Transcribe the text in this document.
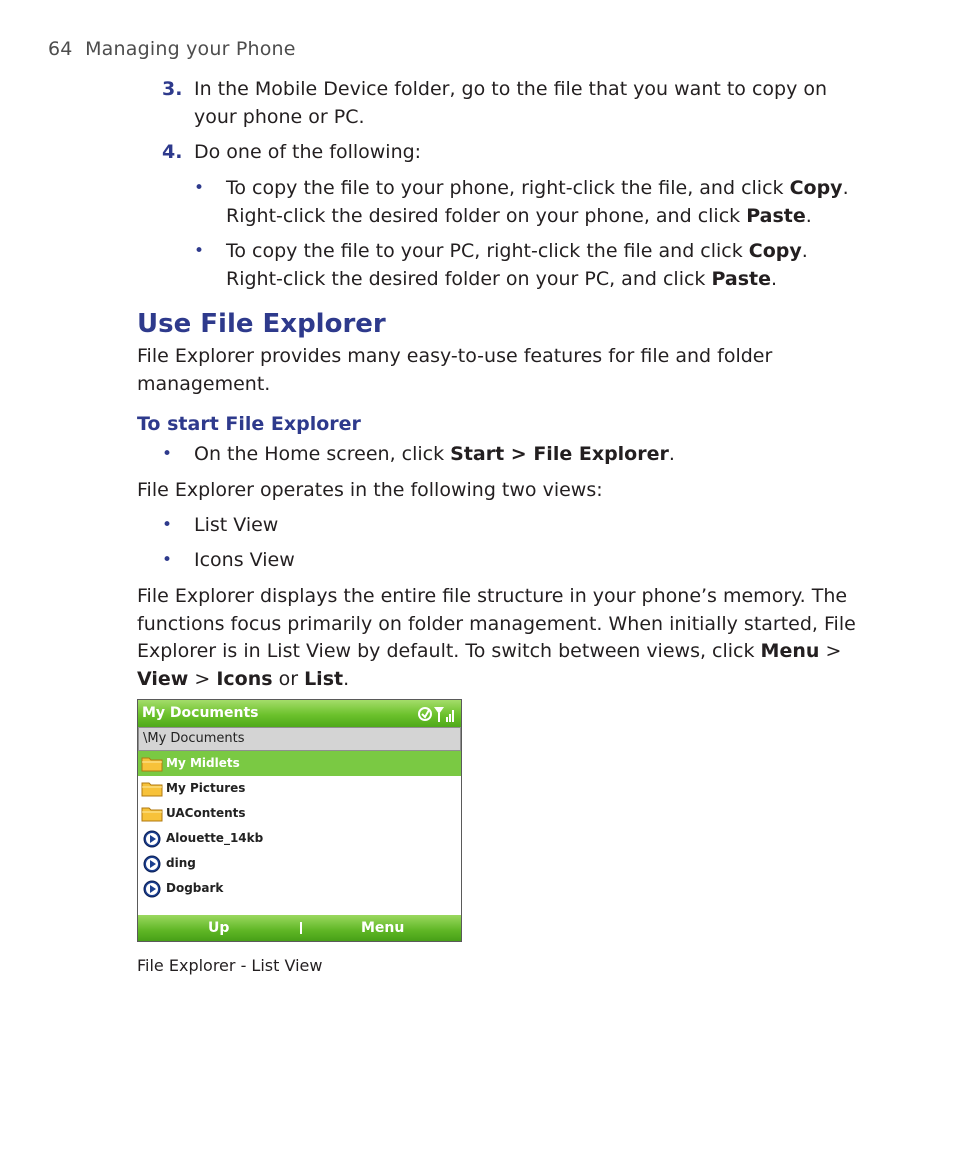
64 Managing your Phone
3. In the Mobile Device folder, go to the file that you want to copy on your phone or PC.
4. Do one of the following:
• To copy the file to your phone, right-click the file, and click Copy. Right-click the desired folder on your phone, and click Paste.
• To copy the file to your PC, right-click the file and click Copy. Right-click the desired folder on your PC, and click Paste.
Use File Explorer
File Explorer provides many easy-to-use features for file and folder management.
To start File Explorer
• On the Home screen, click Start > File Explorer.
File Explorer operates in the following two views:
• List View
• Icons View
File Explorer displays the entire file structure in your phone’s memory. The functions focus primarily on folder management. When initially started, File Explorer is in List View by default. To switch between views, click Menu > View > Icons or List.
My Documents
\My Documents
My Midlets
My Pictures
UAContents
Alouette_14kb
ding
Dogbark
Up	Menu
File Explorer - List View
